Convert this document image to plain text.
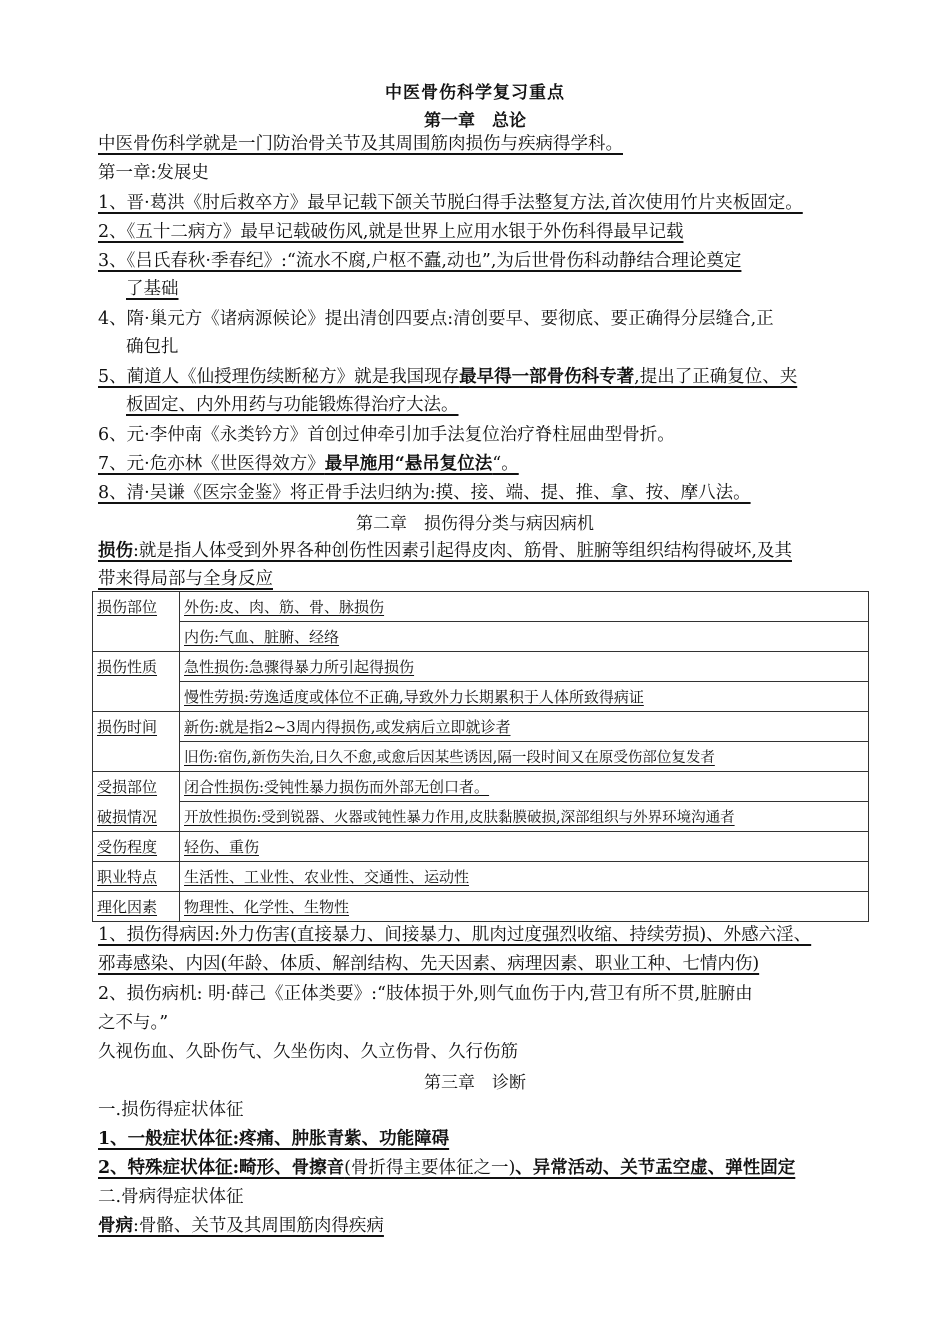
中医骨伤科学复习重点
第一章　总论
中医骨伤科学就是一门防治骨关节及其周围筋肉损伤与疾病得学科。
第一章:发展史
1、晋·葛洪《肘后救卒方》最早记载下颌关节脱臼得手法整复方法,首次使用竹片夹板固定。
2、《五十二病方》最早记载破伤风,就是世界上应用水银于外伤科得最早记载
3、《吕氏春秋·季春纪》:“流水不腐,户枢不蠹,动也”,为后世骨伤科动静结合理论奠定
了基础
4、隋·巢元方《诸病源候论》提出清创四要点:清创要早、要彻底、要正确得分层缝合,正
确包扎
5、蔺道人《仙授理伤续断秘方》就是我国现存最早得一部骨伤科专著,提出了正确复位、夹
板固定、内外用药与功能锻炼得治疗大法。
6、元·李仲南《永类钤方》首创过伸牵引加手法复位治疗脊柱屈曲型骨折。
7、元·危亦林《世医得效方》最早施用“悬吊复位法“。
8、清·吴谦《医宗金鉴》将正骨手法归纳为:摸、接、端、提、推、拿、按、摩八法。
第二章　损伤得分类与病因病机
损伤:就是指人体受到外界各种创伤性因素引起得皮肉、筋骨、脏腑等组织结构得破坏,及其
带来得局部与全身反应
损伤部位	外伤:皮、肉、筋、骨、脉损伤
	内伤:气血、脏腑、经络
损伤性质	急性损伤:急骤得暴力所引起得损伤
	慢性劳损:劳逸适度或体位不正确,导致外力长期累积于人体所致得病证
损伤时间	新伤:就是指2~3周内得损伤,或发病后立即就诊者
	旧伤:宿伤,新伤失治,日久不愈,或愈后因某些诱因,隔一段时间又在原受伤部位复发者
受损部位	闭合性损伤:受钝性暴力损伤而外部无创口者。
破损情况	开放性损伤:受到锐器、火器或钝性暴力作用,皮肤黏膜破损,深部组织与外界环境沟通者
受伤程度	轻伤、重伤
职业特点	生活性、工业性、农业性、交通性、运动性
理化因素	物理性、化学性、生物性
1、损伤得病因:外力伤害(直接暴力、间接暴力、肌肉过度强烈收缩、持续劳损)、外感六淫、
邪毒感染、内因(年龄、体质、解剖结构、先天因素、病理因素、职业工种、七情内伤)
2、损伤病机: 明·薛己《正体类要》:“肢体损于外,则气血伤于内,营卫有所不贯,脏腑由
之不与。”
久视伤血、久卧伤气、久坐伤肉、久立伤骨、久行伤筋
第三章　诊断
一.损伤得症状体征
1、一般症状体征:疼痛、肿胀青紫、功能障碍
2、特殊症状体征:畸形、骨擦音(骨折得主要体征之一)、异常活动、关节盂空虚、弹性固定
二.骨病得症状体征
骨病:骨骼、关节及其周围筋肉得疾病
